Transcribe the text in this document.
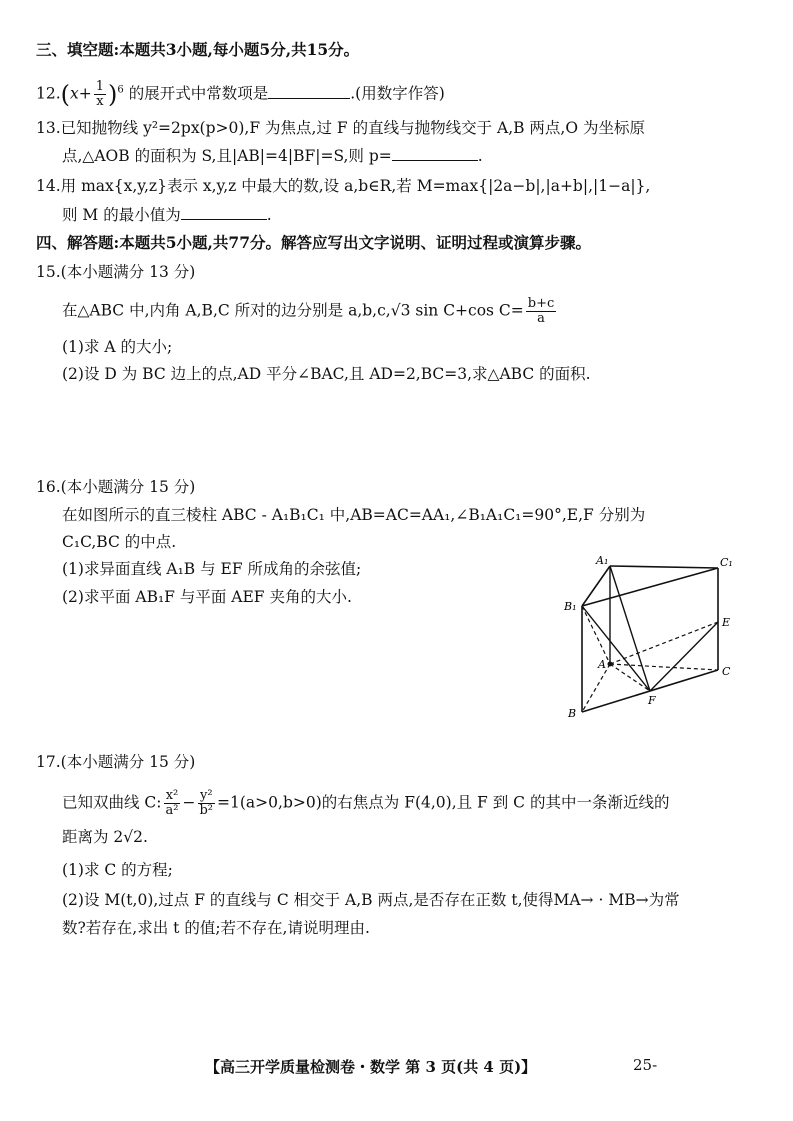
三、填空题:本题共3小题,每小题5分,共15分。
$12.(x+ \frac{1}{x} )^6$ 的展开式中常数项是	.(用数字作答)
13.已知抛物线 y²=2px(p>0),F 为焦点,过 F 的直线与抛物线交于 A,B 两点,O 为坐标原
点,△AOB 的面积为 S,且|AB|=4|BF|=S,则 p=	.
14.用 max{x,y,z}表示 x,y,z 中最大的数,设 a,b∈R,若 M=max{|2a−b|,|a+b|,|1−a|},
则 M 的最小值为	.
四、解答题:本题共5小题,共77分。解答应写出文字说明、证明过程或演算步骤。
15.(本小题满分 13 分)
在△ABC 中,内角 A,B,C 所对的边分别是 a,b,c,√3 sin C+cos $C= \frac{b+c}{a}$
(1)求 A 的大小;
(2)设 D 为 BC 边上的点,AD 平分∠BAC,且 AD=2,BC=3,求△ABC 的面积.
16.(本小题满分 15 分)
在如图所示的直三棱柱 ABC - A₁B₁C₁ 中,AB=AC=AA₁,∠B₁A₁C₁=90°,E,F 分别为
C₁C,BC 的中点.
(1)求异面直线 A₁B 与 EF 所成角的余弦值;
(2)求平面 AB₁F 与平面 AEF 夹角的大小.
A₁	C₁
B₁
E
A
C
F
B
17.(本小题满分 15 分)
已知双曲线 C: $\frac{\text{x²}}{\text{a²}} - \frac{\text{y²}}{\text{b²}} =1(a>0,b>0)$的右焦点为 F(4,0),且 F 到 C 的其中一条渐近线的
距离为 2√2.
(1)求 C 的方程;
(2)设 M(t,0),过点 F 的直线与 C 相交于 A,B 两点,是否存在正数 t,使得MA→ · MB→为常
数?若存在,求出 t 的值;若不存在,请说明理由.
【高三开学质量检测卷・数学 第 3 页(共 4 页)】	25-
